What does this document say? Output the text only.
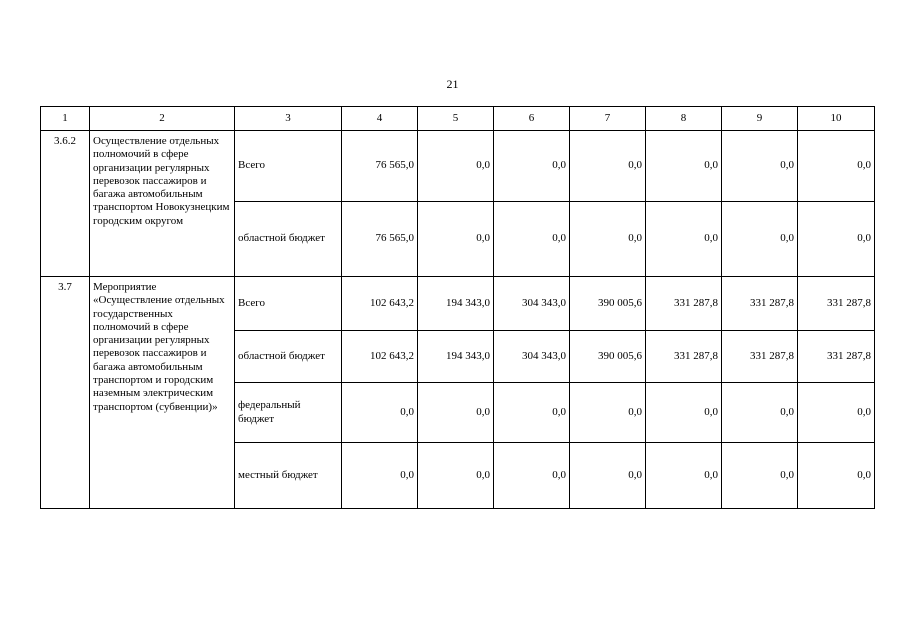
21
1	2	3	4	5	6	7	8	9	10
3.6.2	Осуществление отдельных полномочий в сфере организации регулярных перевозок пассажиров и багажа автомобильным транспортом Новокузнецким городским округом	Всего	76 565,0	0,0	0,0	0,0	0,0	0,0	0,0
		областной бюджет	76 565,0	0,0	0,0	0,0	0,0	0,0	0,0
3.7	Мероприятие «Осуществление отдельных государственных полномочий в сфере организации регулярных перевозок пассажиров и багажа автомобильным транспортом и городским наземным электрическим транспортом (субвенции)»	Всего	102 643,2	194 343,0	304 343,0	390 005,6	331 287,8	331 287,8	331 287,8
		областной бюджет	102 643,2	194 343,0	304 343,0	390 005,6	331 287,8	331 287,8	331 287,8
		федеральный бюджет	0,0	0,0	0,0	0,0	0,0	0,0	0,0
		местный бюджет	0,0	0,0	0,0	0,0	0,0	0,0	0,0
